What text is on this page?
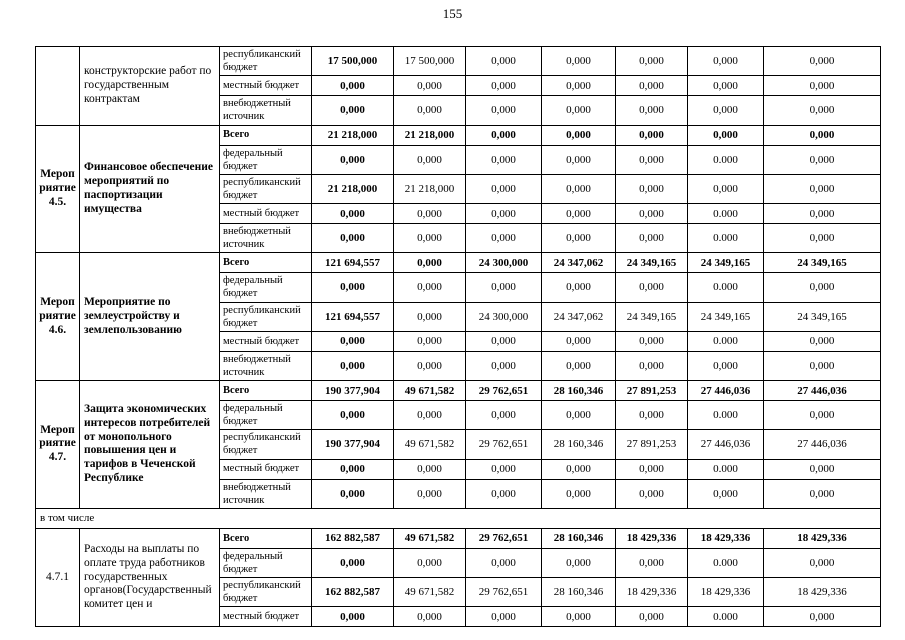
155
	конструкторские работ по государственным контрактам	республиканский бюджет	17 500,000	17 500,000	0,000	0,000	0,000	0,000	0,000
		местный бюджет	0,000	0,000	0,000	0,000	0,000	0,000	0,000
		внебюджетный источник	0,000	0,000	0,000	0,000	0,000	0,000	0,000
Мероприятие 4.5.	Финансовое обеспечение мероприятий по паспортизации имущества	Всего	21 218,000	21 218,000	0,000	0,000	0,000	0,000	0,000
		федеральный бюджет	0,000	0,000	0,000	0,000	0,000	0.000	0,000
		республиканский бюджет	21 218,000	21 218,000	0,000	0,000	0,000	0,000	0,000
		местный бюджет	0,000	0,000	0,000	0,000	0,000	0.000	0,000
		внебюджетный источник	0,000	0,000	0,000	0,000	0,000	0.000	0,000
Мероприятие 4.6.	Мероприятие по землеустройству и землепользованию	Всего	121 694,557	0,000	24 300,000	24 347,062	24 349,165	24 349,165	24 349,165
		федеральный бюджет	0,000	0,000	0,000	0,000	0,000	0.000	0,000
		республиканский бюджет	121 694,557	0,000	24 300,000	24 347,062	24 349,165	24 349,165	24 349,165
		местный бюджет	0,000	0,000	0,000	0,000	0,000	0.000	0,000
		внебюджетный источник	0,000	0,000	0,000	0,000	0,000	0,000	0,000
Мероприятие 4.7.	Защита экономических интересов потребителей от монопольного повышения цен и тарифов в Чеченской Республике	Всего	190 377,904	49 671,582	29 762,651	28 160,346	27 891,253	27 446,036	27 446,036
		федеральный бюджет	0,000	0,000	0,000	0,000	0,000	0.000	0,000
		республиканский бюджет	190 377,904	49 671,582	29 762,651	28 160,346	27 891,253	27 446,036	27 446,036
		местный бюджет	0,000	0,000	0,000	0,000	0,000	0.000	0,000
		внебюджетный источник	0,000	0,000	0,000	0,000	0,000	0,000	0,000
в том числе									
4.7.1	Расходы на выплаты по оплате труда работников государственных органов(Государственный комитет цен и	Всего	162 882,587	49 671,582	29 762,651	28 160,346	18 429,336	18 429,336	18 429,336
		федеральный бюджет	0,000	0,000	0,000	0,000	0,000	0.000	0,000
		республиканский бюджет	162 882,587	49 671,582	29 762,651	28 160,346	18 429,336	18 429,336	18 429,336
		местный бюджет	0,000	0,000	0,000	0,000	0,000	0.000	0,000
